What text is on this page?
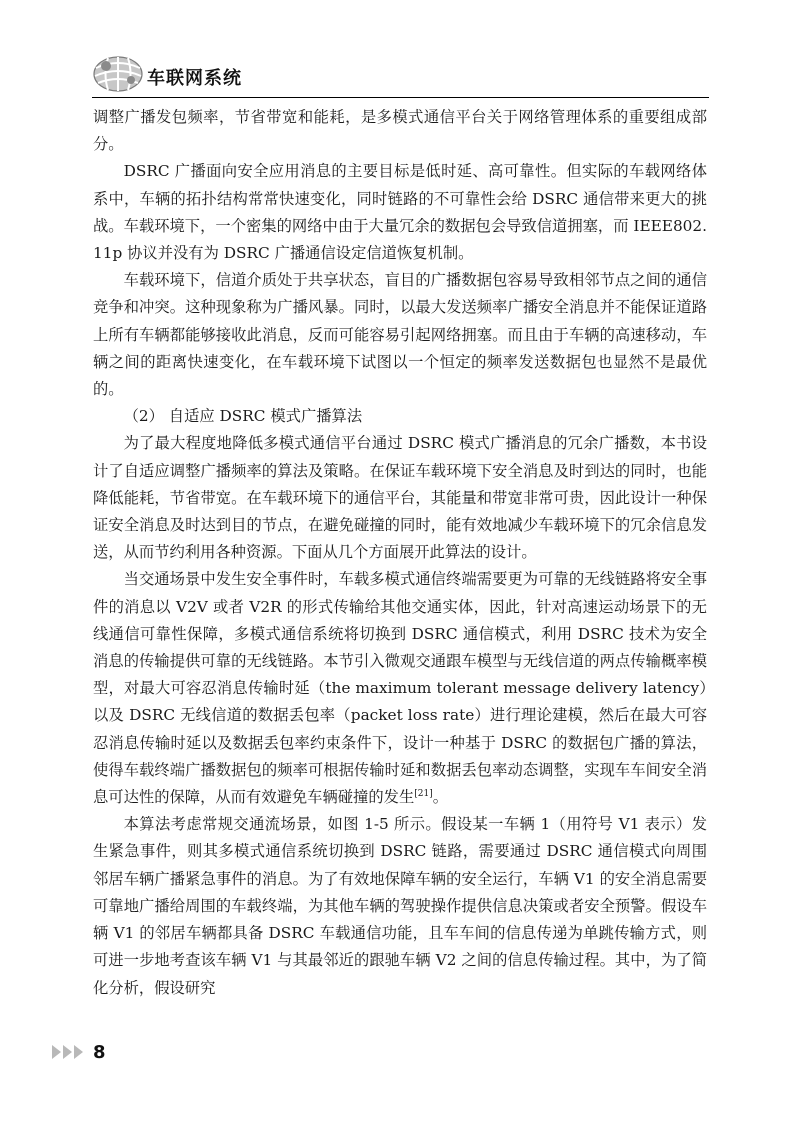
车联网系统

调整广播发包频率，节省带宽和能耗，是多模式通信平台关于网络管理体系的重要组成部分。

DSRC 广播面向安全应用消息的主要目标是低时延、高可靠性。但实际的车载网络体系中，车辆的拓扑结构常常快速变化，同时链路的不可靠性会给 DSRC 通信带来更大的挑战。车载环境下，一个密集的网络中由于大量冗余的数据包会导致信道拥塞，而 IEEE802. 11p 协议并没有为 DSRC 广播通信设定信道恢复机制。

车载环境下，信道介质处于共享状态，盲目的广播数据包容易导致相邻节点之间的通信竞争和冲突。这种现象称为广播风暴。同时，以最大发送频率广播安全消息并不能保证道路上所有车辆都能够接收此消息，反而可能容易引起网络拥塞。而且由于车辆的高速移动，车辆之间的距离快速变化，在车载环境下试图以一个恒定的频率发送数据包也显然不是最优的。

（2） 自适应 DSRC 模式广播算法

为了最大程度地降低多模式通信平台通过 DSRC 模式广播消息的冗余广播数，本书设计了自适应调整广播频率的算法及策略。在保证车载环境下安全消息及时到达的同时，也能降低能耗，节省带宽。在车载环境下的通信平台，其能量和带宽非常可贵，因此设计一种保证安全消息及时达到目的节点，在避免碰撞的同时，能有效地减少车载环境下的冗余信息发送，从而节约利用各种资源。下面从几个方面展开此算法的设计。

当交通场景中发生安全事件时，车载多模式通信终端需要更为可靠的无线链路将安全事件的消息以 V2V 或者 V2R 的形式传输给其他交通实体，因此，针对高速运动场景下的无线通信可靠性保障，多模式通信系统将切换到 DSRC 通信模式，利用 DSRC 技术为安全消息的传输提供可靠的无线链路。本节引入微观交通跟车模型与无线信道的两点传输概率模型，对最大可容忍消息传输时延（the maximum tolerant message delivery latency）以及 DSRC 无线信道的数据丢包率（packet loss rate）进行理论建模，然后在最大可容忍消息传输时延以及数据丢包率约束条件下，设计一种基于 DSRC 的数据包广播的算法，使得车载终端广播数据包的频率可根据传输时延和数据丢包率动态调整，实现车车间安全消息可达性的保障，从而有效避免车辆碰撞的发生[21]。

本算法考虑常规交通流场景，如图 1-5 所示。假设某一车辆 1（用符号 V1 表示）发生紧急事件，则其多模式通信系统切换到 DSRC 链路，需要通过 DSRC 通信模式向周围邻居车辆广播紧急事件的消息。为了有效地保障车辆的安全运行，车辆 V1 的安全消息需要可靠地广播给周围的车载终端，为其他车辆的驾驶操作提供信息决策或者安全预警。假设车辆 V1 的邻居车辆都具备 DSRC 车载通信功能，且车车间的信息传递为单跳传输方式，则可进一步地考查该车辆 V1 与其最邻近的跟驰车辆 V2 之间的信息传输过程。其中，为了简化分析，假设研究

8
